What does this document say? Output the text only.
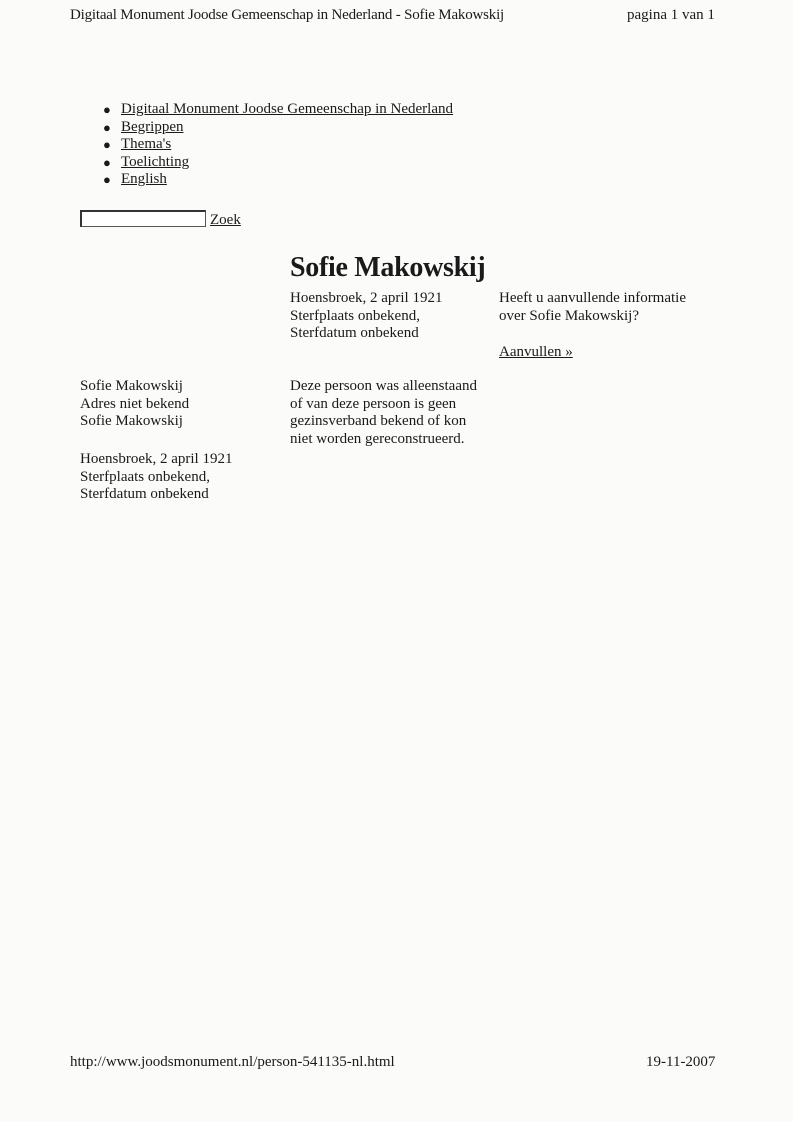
Digitaal Monument Joodse Gemeenschap in Nederland - Sofie Makowskij	pagina 1 van 1
● Digitaal Monument Joodse Gemeenschap in Nederland
● Begrippen
● Thema's
● Toelichting
● English
Zoek
Sofie Makowskij
Hoensbroek, 2 april 1921
Sterfplaats onbekend,
Sterfdatum onbekend
Heeft u aanvullende informatie
over Sofie Makowskij?
Aanvullen »
Sofie Makowskij
Adres niet bekend
Sofie Makowskij
Hoensbroek, 2 april 1921
Sterfplaats onbekend,
Sterfdatum onbekend
Deze persoon was alleenstaand
of van deze persoon is geen
gezinsverband bekend of kon
niet worden gereconstrueerd.
http://www.joodsmonument.nl/person-541135-nl.html	19-11-2007
